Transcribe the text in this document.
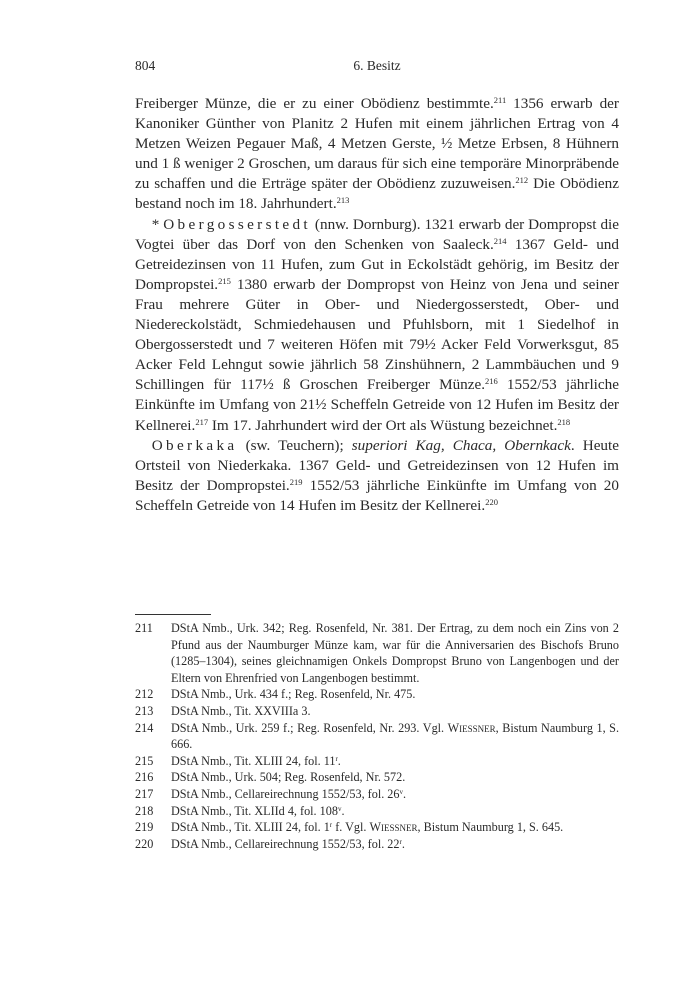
804	6. Besitz

Freiberger Münze, die er zu einer Obödienz bestimmte.$^{211}$ 1356 erwarb der Kanoniker Günther von Planitz 2 Hufen mit einem jährlichen Ertrag von 4 Metzen Weizen Pegauer Maß, 4 Metzen Gerste, ½ Metze Erbsen, 8 Hühnern und 1 ß weniger 2 Groschen, um daraus für sich eine temporäre Minorpräbende zu schaffen und die Erträge später der Obödienz zuzuweisen.$^{212}$ Die Obödienz bestand noch im 18. Jahrhundert.$^{213}$

* Obergosserstedt (nnw. Dornburg). 1321 erwarb der Dompropst die Vogtei über das Dorf von den Schenken von Saaleck.$^{214}$ 1367 Geld- und Getreidezinsen von 11 Hufen, zum Gut in Eckolstädt gehörig, im Besitz der Dompropstei.$^{215}$ 1380 erwarb der Dompropst von Heinz von Jena und seiner Frau mehrere Güter in Ober- und Niedergosserstedt, Ober- und Niedereckolstädt, Schmiedehausen und Pfuhlsborn, mit 1 Siedelhof in Obergosserstedt und 7 weiteren Höfen mit 79½ Acker Feld Vorwerksgut, 85 Acker Feld Lehngut sowie jährlich 58 Zinshühnern, 2 Lammbäuchen und 9 Schillingen für 117½ ß Groschen Freiberger Münze.$^{216}$ 1552/53 jährliche Einkünfte im Umfang von 21½ Scheffeln Getreide von 12 Hufen im Besitz der Kellnerei.$^{217}$ Im 17. Jahrhundert wird der Ort als Wüstung bezeichnet.$^{218}$

Oberkaka (sw. Teuchern); superiori Kag, Chaca, Obernkack. Heute Ortsteil von Niederkaka. 1367 Geld- und Getreidezinsen von 12 Hufen im Besitz der Dompropstei.$^{219}$ 1552/53 jährliche Einkünfte im Umfang von 20 Scheffeln Getreide von 14 Hufen im Besitz der Kellnerei.$^{220}$

211	DStA Nmb., Urk. 342; Reg. Rosenfeld, Nr. 381. Der Ertrag, zu dem noch ein Zins von 2 Pfund aus der Naumburger Münze kam, war für die Anniversarien des Bischofs Bruno (1285–1304), seines gleichnamigen Onkels Dompropst Bruno von Langenbogen und der Eltern von Ehrenfried von Langenbogen bestimmt.
212	DStA Nmb., Urk. 434 f.; Reg. Rosenfeld, Nr. 475.
213	DStA Nmb., Tit. XXVIIIa 3.
214	DStA Nmb., Urk. 259 f.; Reg. Rosenfeld, Nr. 293. Vgl. Wiessner, Bistum Naumburg 1, S. 666.
215	DStA Nmb., Tit. XLIII 24, fol. 11$^r$.
216	DStA Nmb., Urk. 504; Reg. Rosenfeld, Nr. 572.
217	DStA Nmb., Cellareirechnung 1552/53, fol. 26$^v$.
218	DStA Nmb., Tit. XLIId 4, fol. 108$^v$.
219	DStA Nmb., Tit. XLIII 24, fol. 1$^r$ f. Vgl. Wiessner, Bistum Naumburg 1, S. 645.
220	DStA Nmb., Cellareirechnung 1552/53, fol. 22$^r$.
